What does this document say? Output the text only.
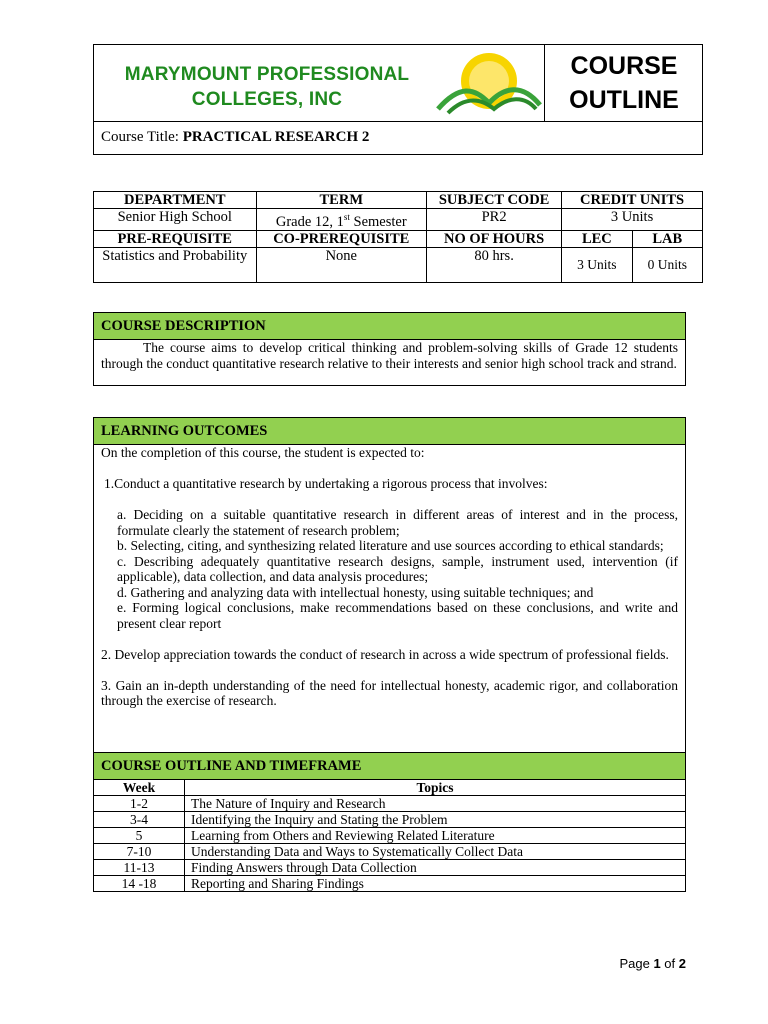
MARYMOUNT PROFESSIONAL
COLLEGES, INC
COURSE
OUTLINE
Course Title: PRACTICAL RESEARCH 2
DEPARTMENT	TERM	SUBJECT CODE	CREDIT UNITS	
Senior High School	Grade 12, 1st Semester	PR2	3 Units	
PRE-REQUISITE	CO-PREREQUISITE	NO OF HOURS	LEC	LAB
Statistics and Probability	None	80 hrs.	3 Units	0 Units
COURSE DESCRIPTION
The course aims to develop critical thinking and problem-solving skills of Grade 12 students through the conduct quantitative research relative to their interests and senior high school track and strand.
LEARNING OUTCOMES

On the completion of this course, the student is expected to:

1.Conduct a quantitative research by undertaking a rigorous process that involves:

a. Deciding on a suitable quantitative research in different areas of interest and in the process, formulate clearly the statement of research problem;

b. Selecting, citing, and synthesizing related literature and use sources according to ethical standards;

c. Describing adequately quantitative research designs, sample, instrument used, intervention (if applicable), data collection, and data analysis procedures;

d. Gathering and analyzing data with intellectual honesty, using suitable techniques; and

e. Forming logical conclusions, make recommendations based on these conclusions, and write and present clear report

2. Develop appreciation towards the conduct of research in across a wide spectrum of professional fields.

3. Gain an in-depth understanding of the need for intellectual honesty, academic rigor, and collaboration through the exercise of research.

COURSE OUTLINE AND TIMEFRAME
Week	Topics
1-2	The Nature of Inquiry and Research
3-4	Identifying the Inquiry and Stating the Problem
5	Learning from Others and Reviewing Related Literature
7-10	Understanding Data and Ways to Systematically Collect Data
11-13	Finding Answers through Data Collection
14 -18	Reporting and Sharing Findings
Page 1 of 2
